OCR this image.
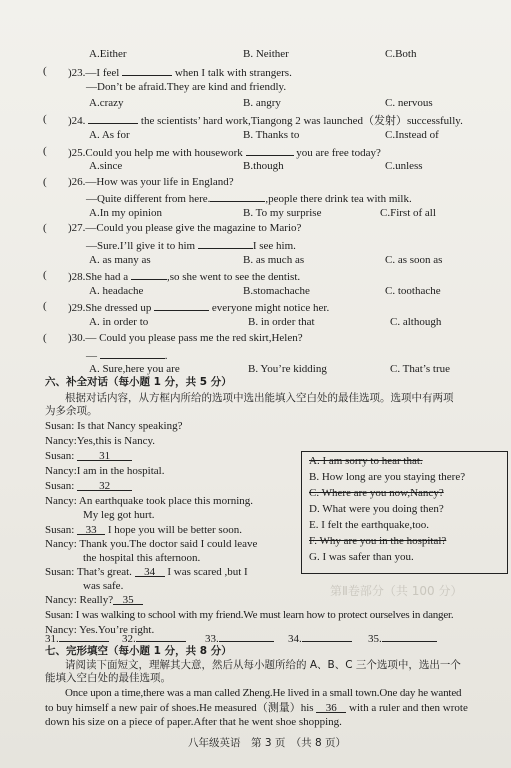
第Ⅱ卷部分（共 100 分）
A.Either	B. Neither	C.Both
( )23.—I feel	when I talk with strangers.
—Don’t be afraid.They are kind and friendly.
A.crazy	B. angry	C. nervous
( )24.	the scientists’ hard work,Tiangong 2 was launched（发射）successfully.
A. As for	B. Thanks to	C.Instead of
( )25.Could you help me with housework	you are free today?
A.since	B.though	C.unless
( )26.—How was your life in England?
—Quite different from here.	,people there drink tea with milk.
A.In my opinion	B. To my surprise	C.First of all
( )27.—Could you please give the magazine to Mario?
—Sure.I’ll give it to him	I see him.
A. as many as	B. as much as	C. as soon as
( )28.She had a	,so she went to see the dentist.
A. headache	B.stomachache	C. toothache
( )29.She dressed up	everyone might notice her.
A. in order to	B. in order that	C. although
( )30.— Could you please pass me the red skirt,Helen?
—	.
A. Sure,here you are	B. You’re kidding	C. That’s true
六、补全对话（每小题 1 分，共 5 分）
根据对话内容，从方框内所给的选项中选出能填入空白处的最佳选项。选项中有两项
为多余项。
Susan: Is that Nancy speaking?
Nancy:Yes,this is Nancy.
Susan: 31
Nancy:I am in the hospital.
Susan: 32
Nancy: An earthquake took place this morning.
My leg got hurt.
Susan: 33 I hope you will be better soon.
Nancy: Thank you.The doctor said I could leave
the hospital this afternoon.
Susan: That’s great. 34 I was scared ,but I
was safe.
Nancy: Really? 35
Susan: I was walking to school with my friend.We must learn how to protect ourselves in danger.
Nancy: Yes.You’re right.
A. I am sorry to hear that.
B. How long are you staying there?
C. Where are you now,Nancy?
D. What were you doing then?
E. I felt the earthquake,too.
F. Why are you in the hospital?
G. I was safer than you.
31.	32.	33.	34.	35.
七、完形填空（每小题 1 分，共 8 分）
请阅读下面短文，理解其大意，然后从每小题所给的 A、B、C 三个选项中，选出一个
能填入空白处的最佳选项。
Once upon a time,there was a man called Zheng.He lived in a small town.One day he wanted
to buy himself a new pair of shoes.He measured（测量）his 36 with a ruler and then wrote
down his size on a piece of paper.After that he went shoe shopping.
八年级英语　第 3 页　（共 8 页）
